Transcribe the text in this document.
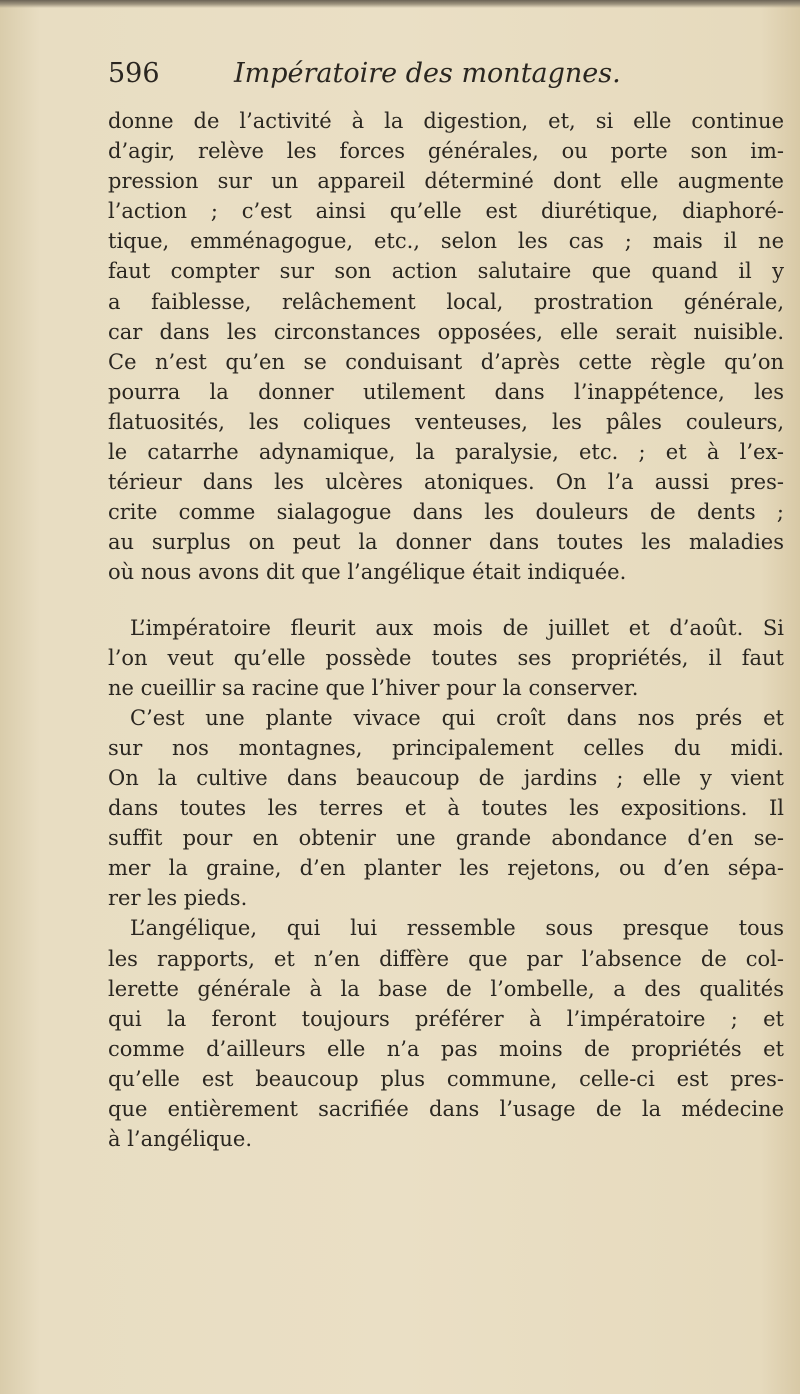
596	Impératoire des montagnes.
donne de l’activité à la digestion, et, si elle continue
d’agir, relève les forces générales, ou porte son im-
pression sur un appareil déterminé dont elle augmente
l’action ; c’est ainsi qu’elle est diurétique, diaphoré-
tique, emménagogue, etc., selon les cas ; mais il ne
faut compter sur son action salutaire que quand il y
a faiblesse, relâchement local, prostration générale,
car dans les circonstances opposées, elle serait nuisible.
Ce n’est qu’en se conduisant d’après cette règle qu’on
pourra la donner utilement dans l’inappétence, les
flatuosités, les coliques venteuses, les pâles couleurs,
le catarrhe adynamique, la paralysie, etc. ; et à l’ex-
térieur dans les ulcères atoniques. On l’a aussi pres-
crite comme sialagogue dans les douleurs de dents ;
au surplus on peut la donner dans toutes les maladies
où nous avons dit que l’angélique était indiquée.
L’impératoire fleurit aux mois de juillet et d’août. Si
l’on veut qu’elle possède toutes ses propriétés, il faut
ne cueillir sa racine que l’hiver pour la conserver.
C’est une plante vivace qui croît dans nos prés et
sur nos montagnes, principalement celles du midi.
On la cultive dans beaucoup de jardins ; elle y vient
dans toutes les terres et à toutes les expositions. Il
suffit pour en obtenir une grande abondance d’en se-
mer la graine, d’en planter les rejetons, ou d’en sépa-
rer les pieds.
L’angélique, qui lui ressemble sous presque tous
les rapports, et n’en diffère que par l’absence de col-
lerette générale à la base de l’ombelle, a des qualités
qui la feront toujours préférer à l’impératoire ; et
comme d’ailleurs elle n’a pas moins de propriétés et
qu’elle est beaucoup plus commune, celle-ci est pres-
que entièrement sacrifiée dans l’usage de la médecine
à l’angélique.
